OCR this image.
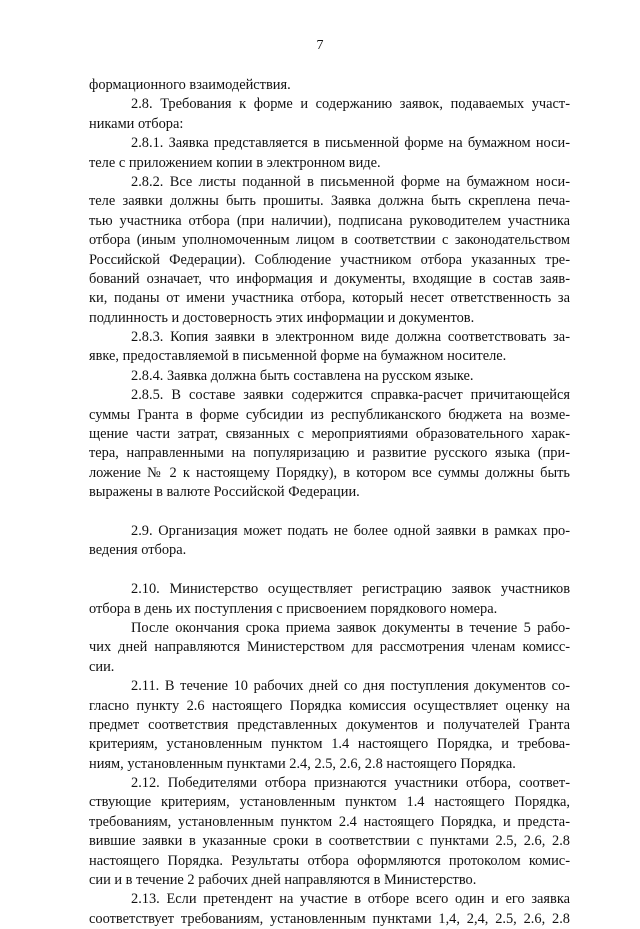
7
формационного взаимодействия.
2.8. Требования к форме и содержанию заявок, подаваемых участ-
никами отбора:
2.8.1. Заявка представляется в письменной форме на бумажном носи-
теле с приложением копии в электронном виде.
2.8.2. Все листы поданной в письменной форме на бумажном носи-
теле заявки должны быть прошиты. Заявка должна быть скреплена печа-
тью участника отбора (при наличии), подписана руководителем участника
отбора (иным уполномоченным лицом в соответствии с законодательством
Российской Федерации). Соблюдение участником отбора указанных тре-
бований означает, что информация и документы, входящие в состав заяв-
ки, поданы от имени участника отбора, который несет ответственность за
подлинность и достоверность этих информации и документов.
2.8.3. Копия заявки в электронном виде должна соответствовать за-
явке, предоставляемой в письменной форме на бумажном носителе.
2.8.4. Заявка должна быть составлена на русском языке.
2.8.5. В составе заявки содержится справка-расчет причитающейся
суммы Гранта в форме субсидии из республиканского бюджета на возме-
щение части затрат, связанных с мероприятиями образовательного харак-
тера, направленными на популяризацию и развитие русского языка (при-
ложение № 2 к настоящему Порядку), в котором все суммы должны быть
выражены в валюте Российской Федерации.
2.9. Организация может подать не более одной заявки в рамках про-
ведения отбора.
2.10. Министерство осуществляет регистрацию заявок участников
отбора в день их поступления с присвоением порядкового номера.
После окончания срока приема заявок документы в течение 5 рабо-
чих дней направляются Министерством для рассмотрения членам комисс-
сии.
2.11. В течение 10 рабочих дней со дня поступления документов со-
гласно пункту 2.6 настоящего Порядка комиссия осуществляет оценку на
предмет соответствия представленных документов и получателей Гранта
критериям, установленным пунктом 1.4 настоящего Порядка, и требова-
ниям, установленным пунктами 2.4, 2.5, 2.6, 2.8 настоящего Порядка.
2.12. Победителями отбора признаются участники отбора, соответ-
ствующие критериям, установленным пунктом 1.4 настоящего Порядка,
требованиям, установленным пунктом 2.4 настоящего Порядка, и предста-
вившие заявки в указанные сроки в соответствии с пунктами 2.5, 2.6, 2.8
настоящего Порядка. Результаты отбора оформляются протоколом комис-
сии и в течение 2 рабочих дней направляются в Министерство.
2.13. Если претендент на участие в отборе всего один и его заявка
соответствует требованиям, установленным пунктами 1,4, 2,4, 2.5, 2.6, 2.8
